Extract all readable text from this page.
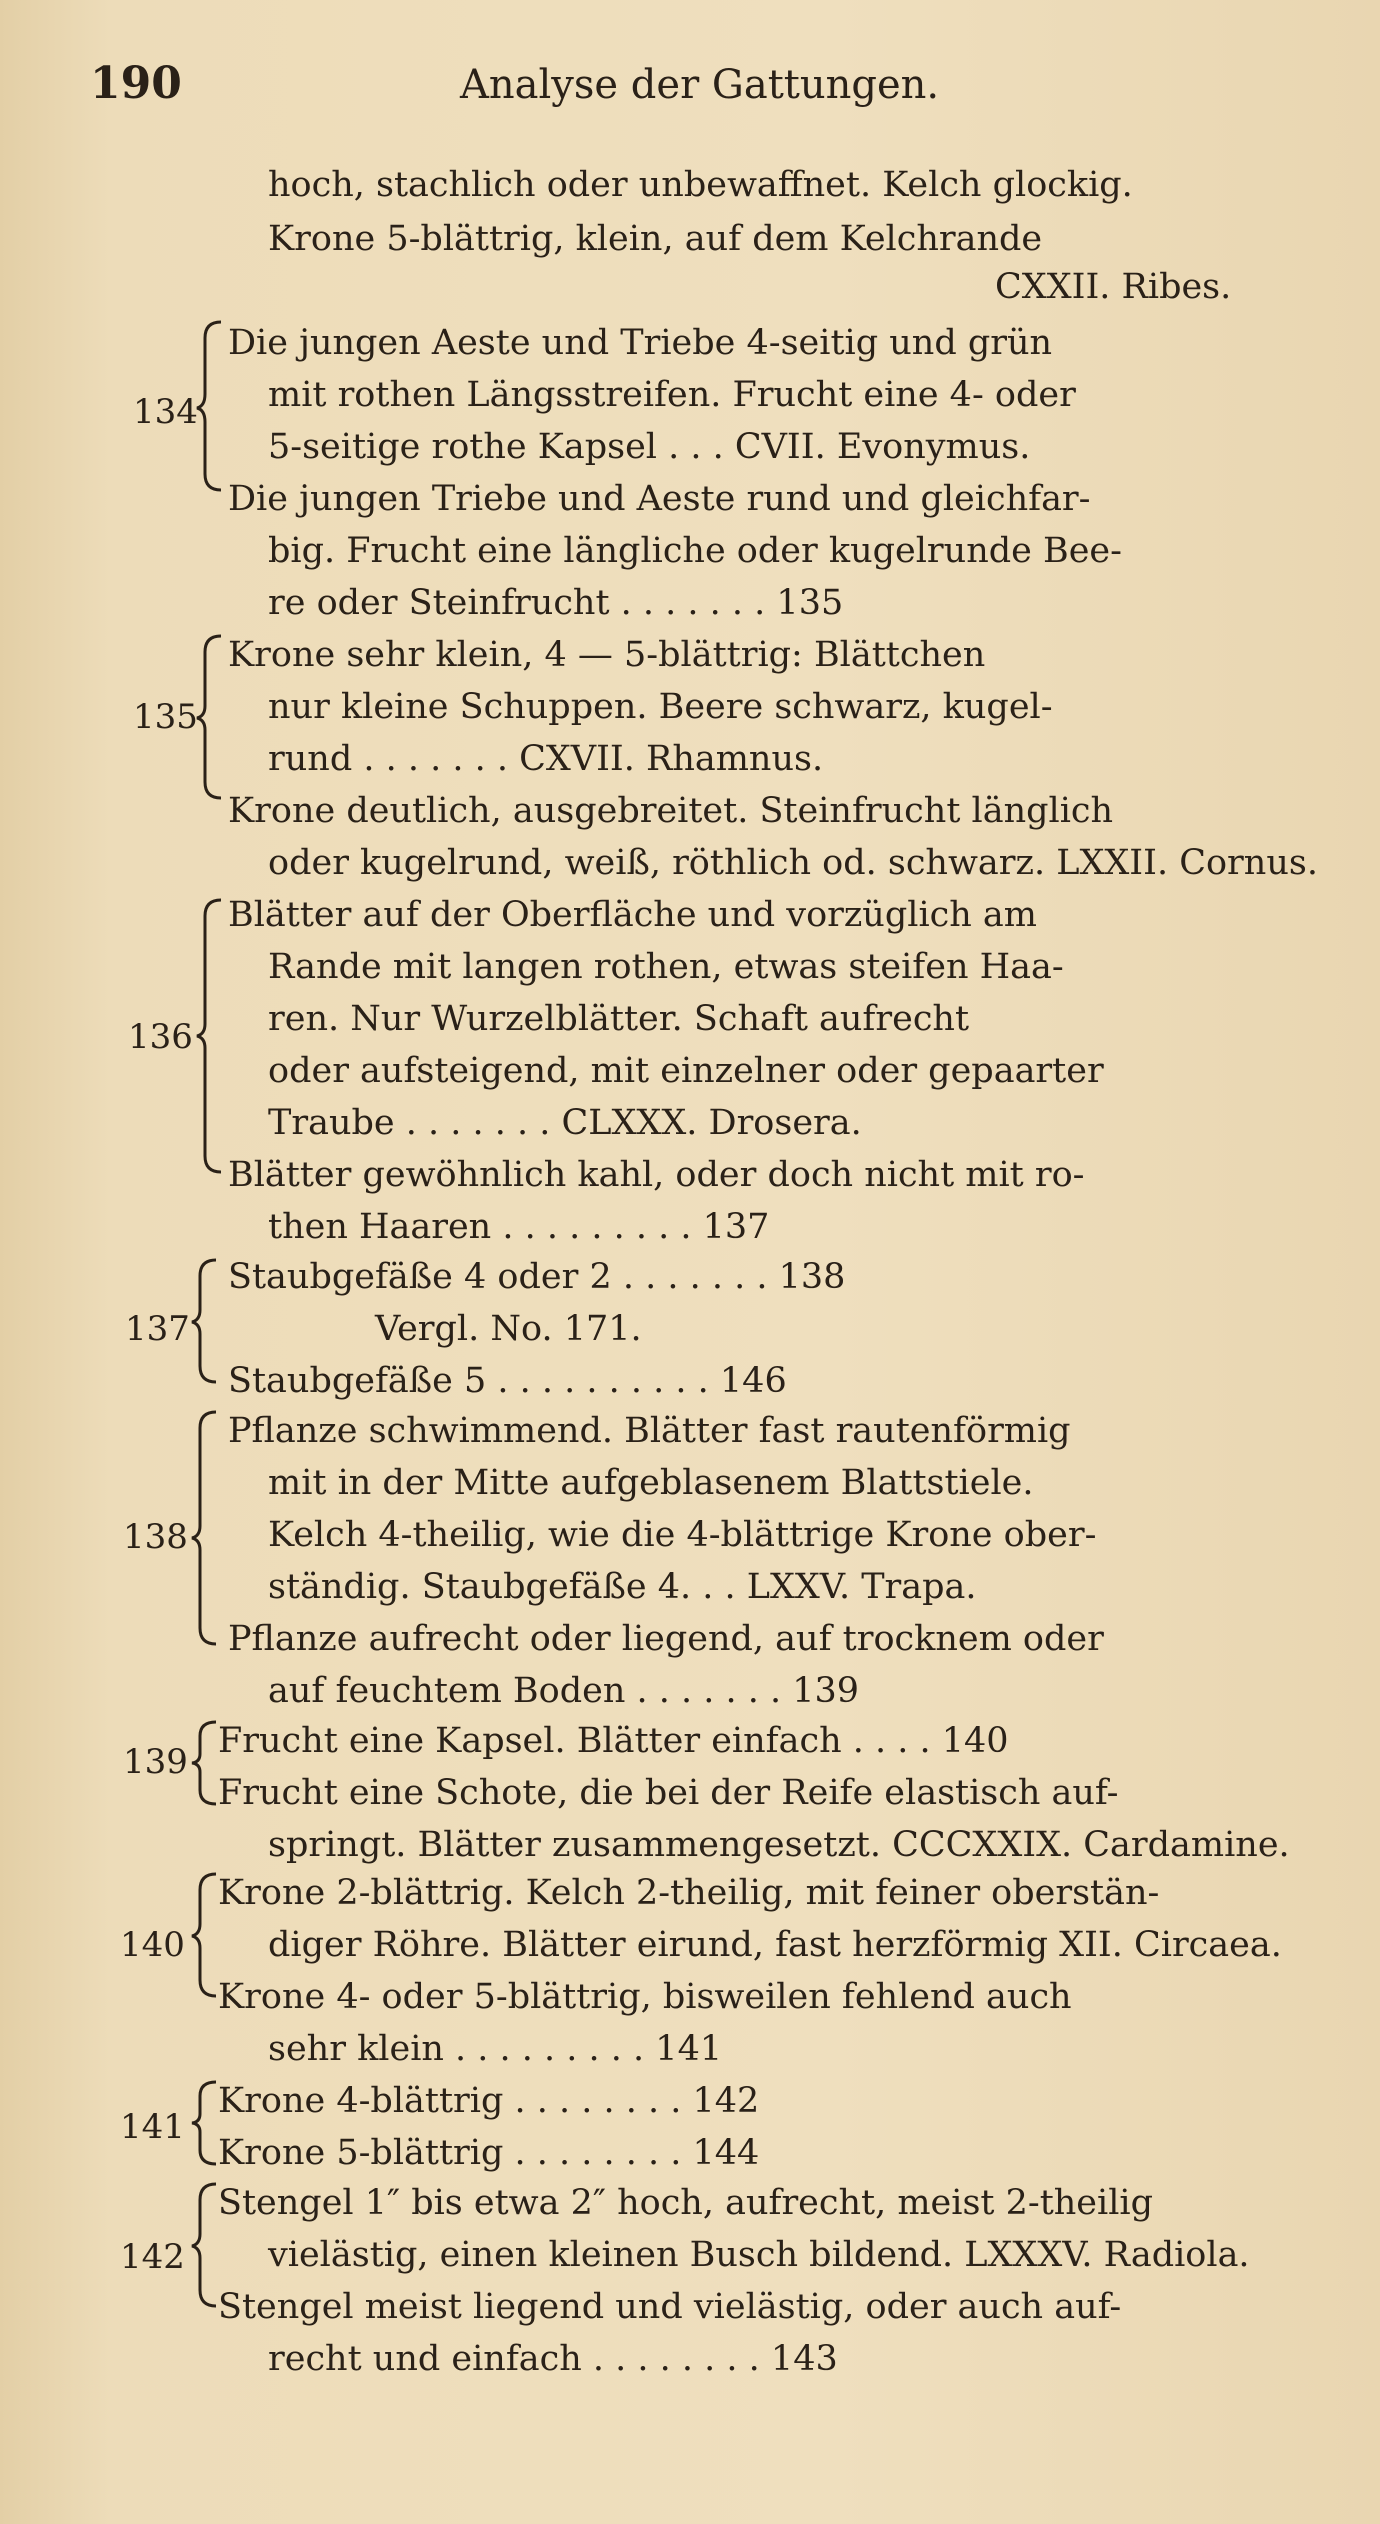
190	Analyse der Gattungen.
hoch, stachlich oder unbewaffnet. Kelch glockig.
Krone 5-blättrig, klein, auf dem Kelchrande
CXXII. Ribes.
134
Die jungen Aeste und Triebe 4-seitig und grün
mit rothen Längsstreifen. Frucht eine 4- oder
5-seitige rothe Kapsel . . . CVII. Evonymus.
Die jungen Triebe und Aeste rund und gleichfar-
big. Frucht eine längliche oder kugelrunde Bee-
re oder Steinfrucht . . . . . . . 135
135
Krone sehr klein, 4 — 5-blättrig: Blättchen
nur kleine Schuppen. Beere schwarz, kugel-
rund . . . . . . . CXVII. Rhamnus.
Krone deutlich, ausgebreitet. Steinfrucht länglich
oder kugelrund, weiß, röthlich od. schwarz. LXXII. Cornus.
136
Blätter auf der Oberfläche und vorzüglich am
Rande mit langen rothen, etwas steifen Haa-
ren. Nur Wurzelblätter. Schaft aufrecht
oder aufsteigend, mit einzelner oder gepaarter
Traube . . . . . . . CLXXX. Drosera.
Blätter gewöhnlich kahl, oder doch nicht mit ro-
then Haaren . . . . . . . . . 137
137
Staubgefäße 4 oder 2 . . . . . . . 138
Vergl. No. 171.
Staubgefäße 5 . . . . . . . . . . 146
138
Pflanze schwimmend. Blätter fast rautenförmig
mit in der Mitte aufgeblasenem Blattstiele.
Kelch 4-theilig, wie die 4-blättrige Krone ober-
ständig. Staubgefäße 4. . . LXXV. Trapa.
Pflanze aufrecht oder liegend, auf trocknem oder
auf feuchtem Boden . . . . . . . 139
139
Frucht eine Kapsel. Blätter einfach . . . . 140
Frucht eine Schote, die bei der Reife elastisch auf-
springt. Blätter zusammengesetzt. CCCXXIX. Cardamine.
140
Krone 2-blättrig. Kelch 2-theilig, mit feiner oberstän-
diger Röhre. Blätter eirund, fast herzförmig XII. Circaea.
Krone 4- oder 5-blättrig, bisweilen fehlend auch
sehr klein . . . . . . . . . 141
141
Krone 4-blättrig . . . . . . . . 142
Krone 5-blättrig . . . . . . . . 144
142
Stengel 1″ bis etwa 2″ hoch, aufrecht, meist 2-theilig
vielästig, einen kleinen Busch bildend. LXXXV. Radiola.
Stengel meist liegend und vielästig, oder auch auf-
recht und einfach . . . . . . . . 143
